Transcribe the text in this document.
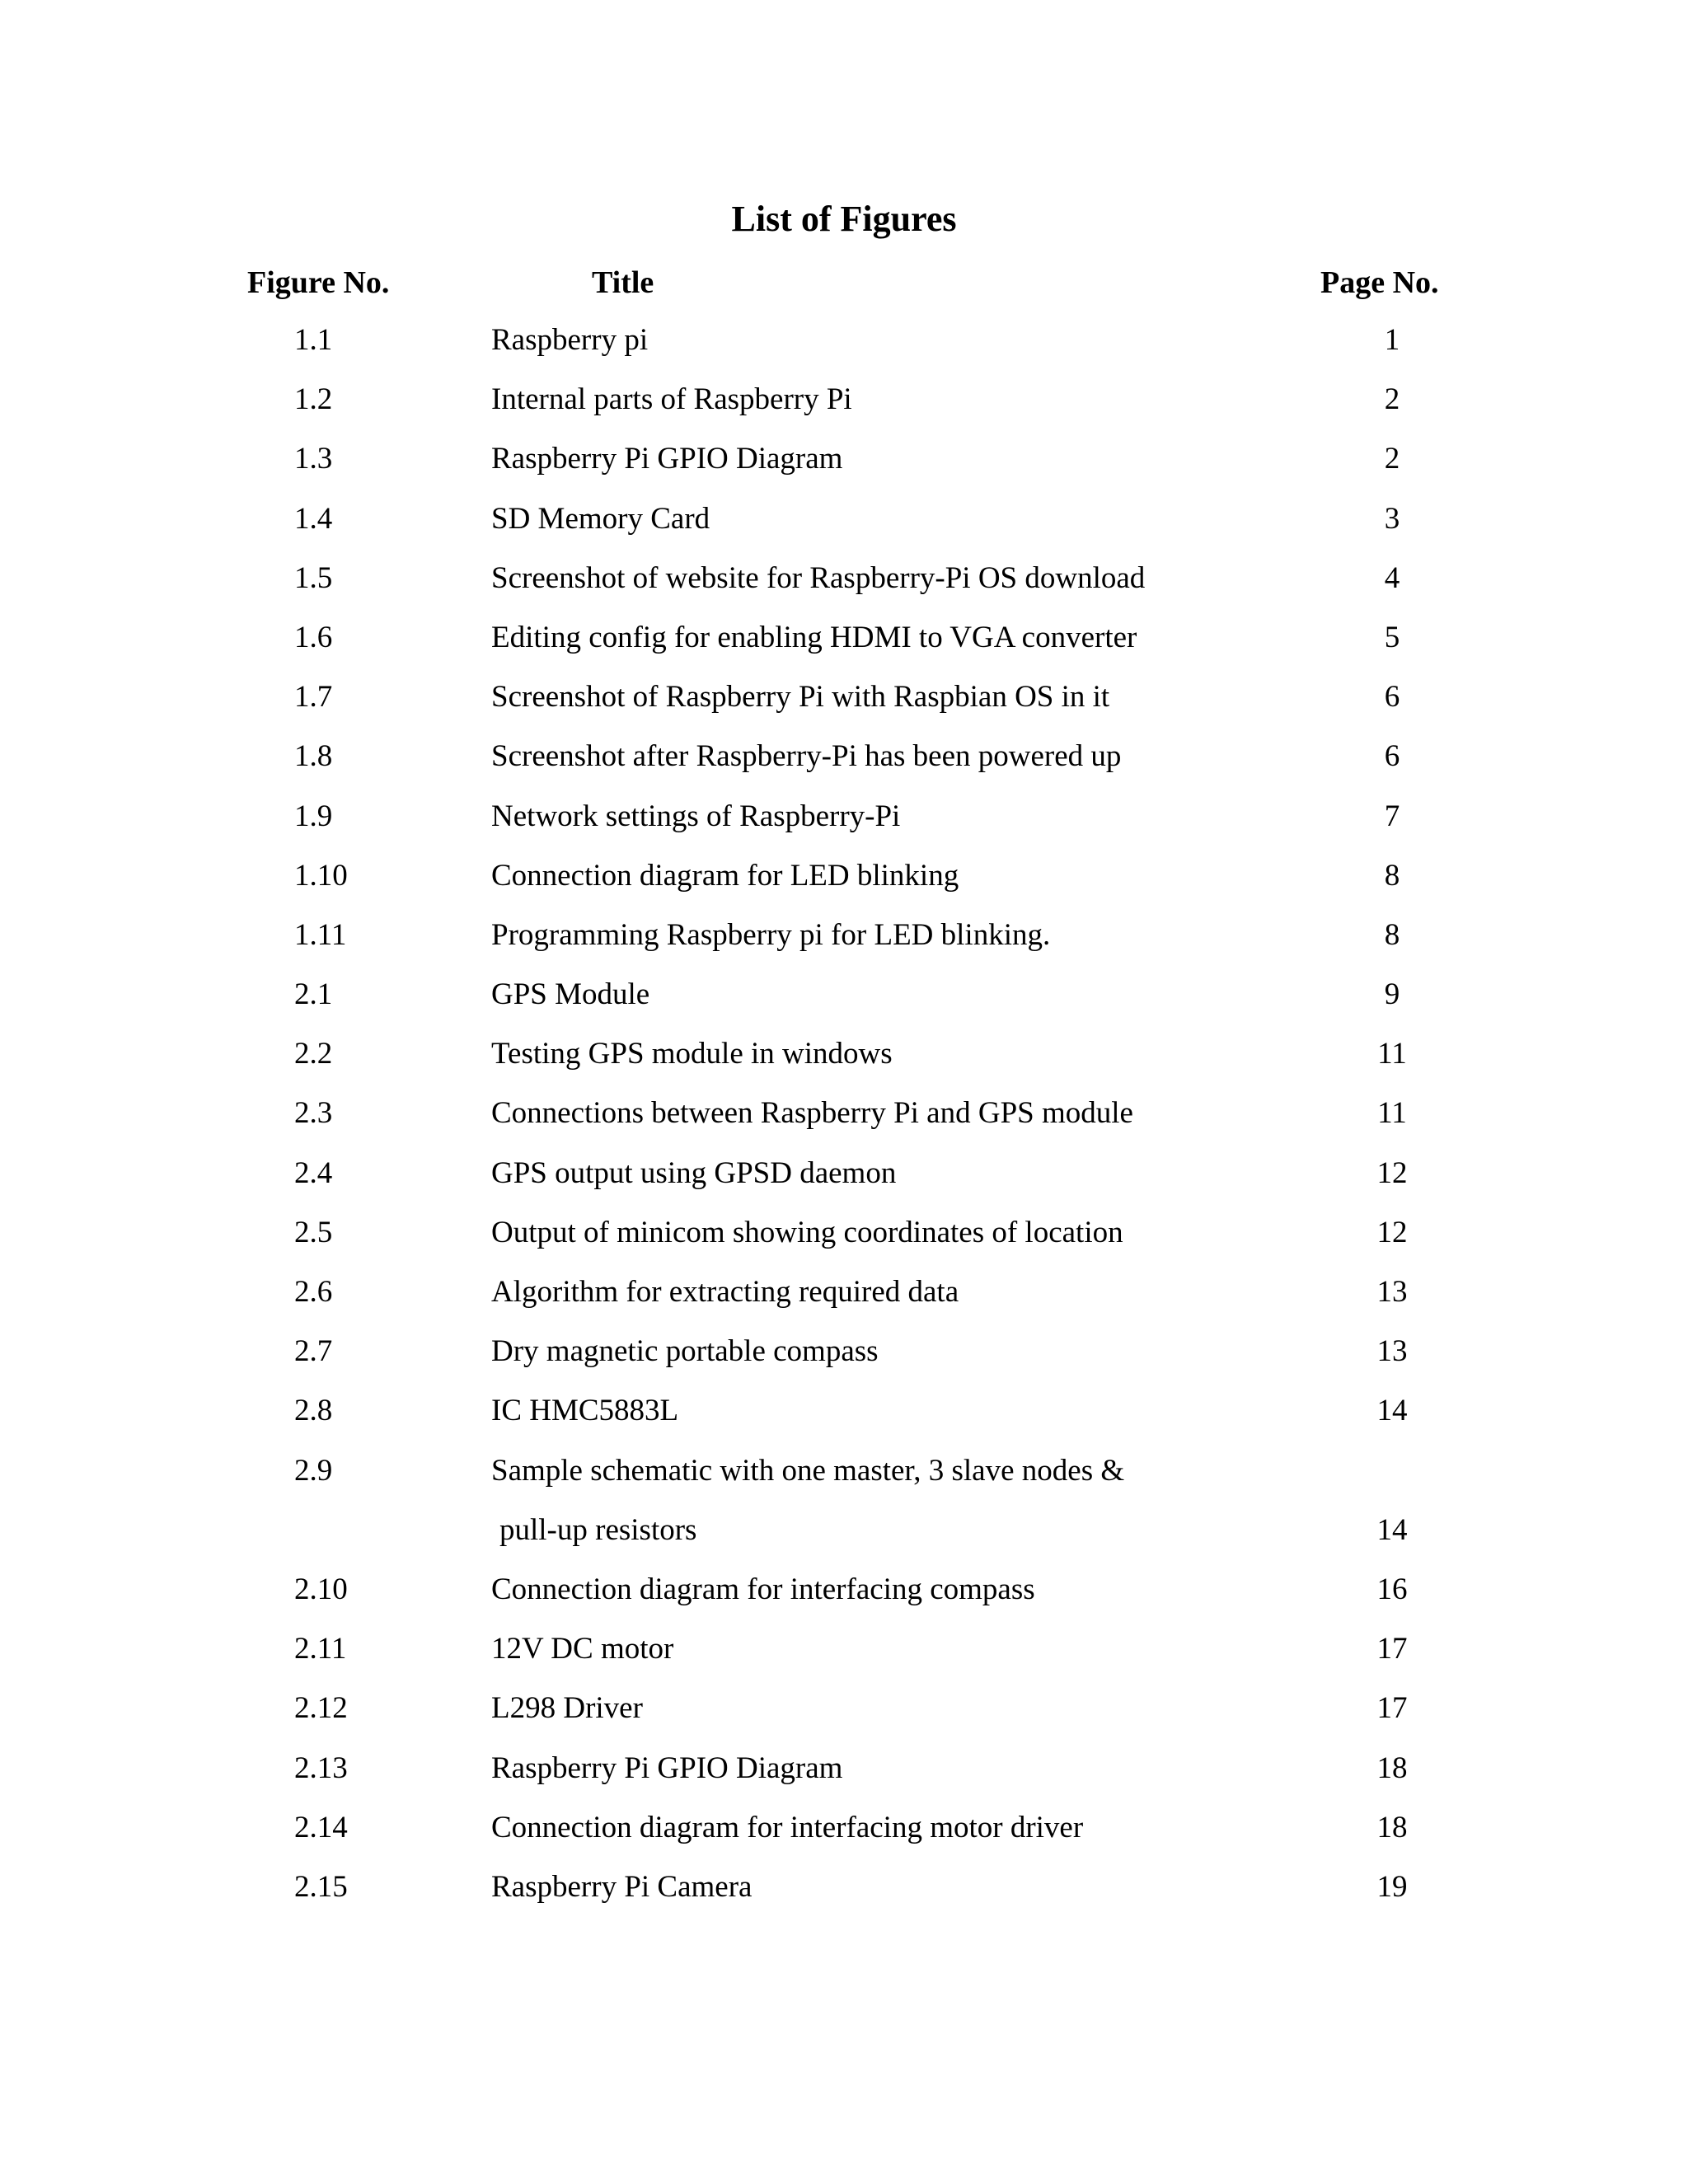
List of Figures
Figure No.	Title	Page No.
1.1	Raspberry pi	1
1.2	Internal parts of Raspberry Pi	2
1.3	Raspberry Pi GPIO Diagram	2
1.4	SD Memory Card	3
1.5	Screenshot of website for Raspberry-Pi OS download	4
1.6	Editing config for enabling HDMI to VGA converter	5
1.7	Screenshot of Raspberry Pi with Raspbian OS in it	6
1.8	Screenshot after Raspberry-Pi has been powered up	6
1.9	Network settings of Raspberry-Pi	7
1.10	Connection diagram for LED blinking	8
1.11	Programming Raspberry pi for LED blinking.	8
2.1	GPS Module	9
2.2	Testing GPS module in windows	11
2.3	Connections between Raspberry Pi and GPS module	11
2.4	GPS output using GPSD daemon	12
2.5	Output of minicom showing coordinates of location	12
2.6	Algorithm for extracting required data	13
2.7	Dry magnetic portable compass	13
2.8	IC HMC5883L	14
2.9	Sample schematic with one master, 3 slave nodes &
pull-up resistors	14
2.10	Connection diagram for interfacing compass	16
2.11	12V DC motor	17
2.12	L298 Driver	17
2.13	Raspberry Pi GPIO Diagram	18
2.14	Connection diagram for interfacing motor driver	18
2.15	Raspberry Pi Camera	19
